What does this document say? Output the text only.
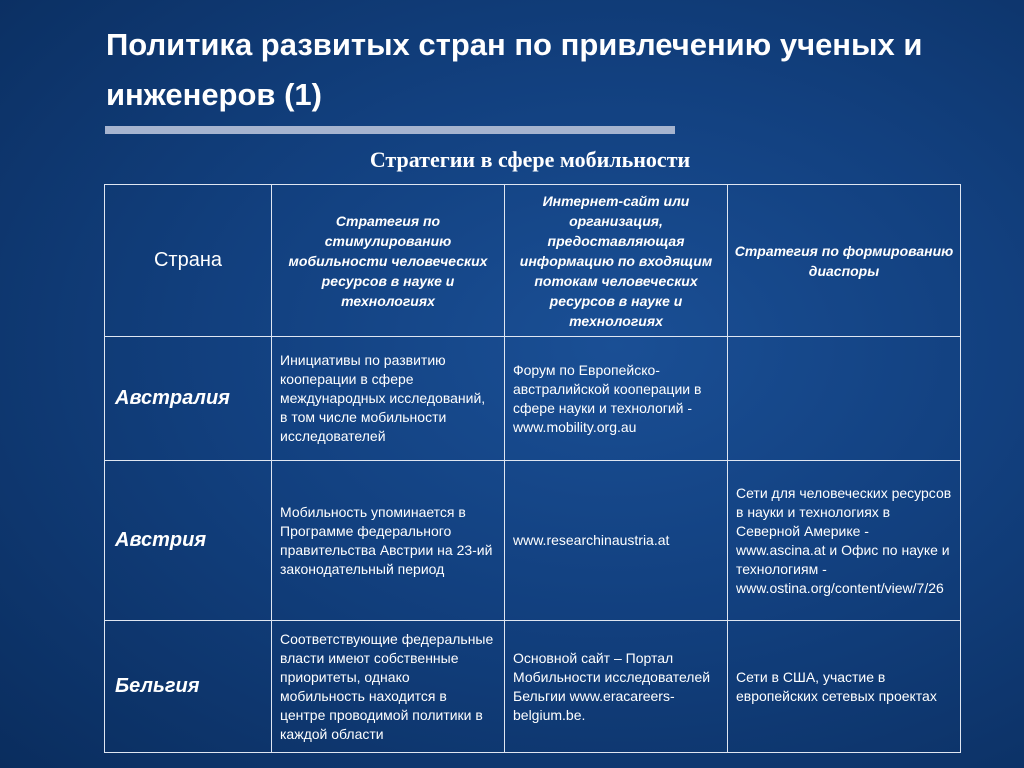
Политика развитых стран по привлечению ученых и инженеров (1)
Стратегии в сфере мобильности
Страна	Стратегия по стимулированию мобильности человеческих ресурсов в науке и технологиях	Интернет-сайт или организация, предоставляющая информацию по входящим потокам человеческих ресурсов в науке и технологиях	Стратегия по формированию диаспоры
Австралия	Инициативы по развитию кооперации в сфере международных исследований, в том числе мобильности исследователей	Форум по Европейско-австралийской кооперации в сфере науки и технологий - www.mobility.org.au	
Австрия	Мобильность упоминается в Программе федерального правительства Австрии на 23-ий законодательный период	www.researchinaustria.at	Сети для человеческих ресурсов в науки и технологиях в Северной Америке - www.ascina.at и Офис по науке и технологиям - www.ostina.org/content/view/7/26
Бельгия	Соответствующие федеральные власти имеют собственные приоритеты, однако мобильность находится в центре проводимой политики в каждой области	Основной сайт – Портал Мобильности исследователей Бельгии www.eracareers-belgium.be.	Сети в США, участие в европейских сетевых проектах
